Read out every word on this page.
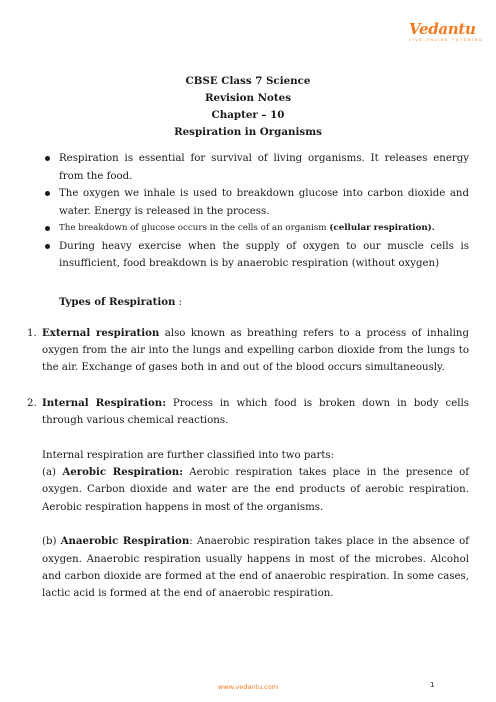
Vedantu
LIVE ONLINE TUTORING
CBSE Class 7 Science
Revision Notes
Chapter – 10
Respiration in Organisms
Respiration is essential for survival of living organisms. It releases energy from the food.
The oxygen we inhale is used to breakdown glucose into carbon dioxide and water. Energy is released in the process.
The breakdown of glucose occurs in the cells of an organism (cellular respiration).
During heavy exercise when the supply of oxygen to our muscle cells is insufficient, food breakdown is by anaerobic respiration (without oxygen)
Types of Respiration :
1. External respiration also known as breathing refers to a process of inhaling oxygen from the air into the lungs and expelling carbon dioxide from the lungs to the air. Exchange of gases both in and out of the blood occurs simultaneously.
2. Internal Respiration: Process in which food is broken down in body cells through various chemical reactions.
Internal respiration are further classified into two parts:
(a) Aerobic Respiration: Aerobic respiration takes place in the presence of oxygen. Carbon dioxide and water are the end products of aerobic respiration. Aerobic respiration happens in most of the organisms.
(b) Anaerobic Respiration: Anaerobic respiration takes place in the absence of oxygen. Anaerobic respiration usually happens in most of the microbes. Alcohol and carbon dioxide are formed at the end of anaerobic respiration. In some cases, lactic acid is formed at the end of anaerobic respiration.
www.vedantu.com	1
